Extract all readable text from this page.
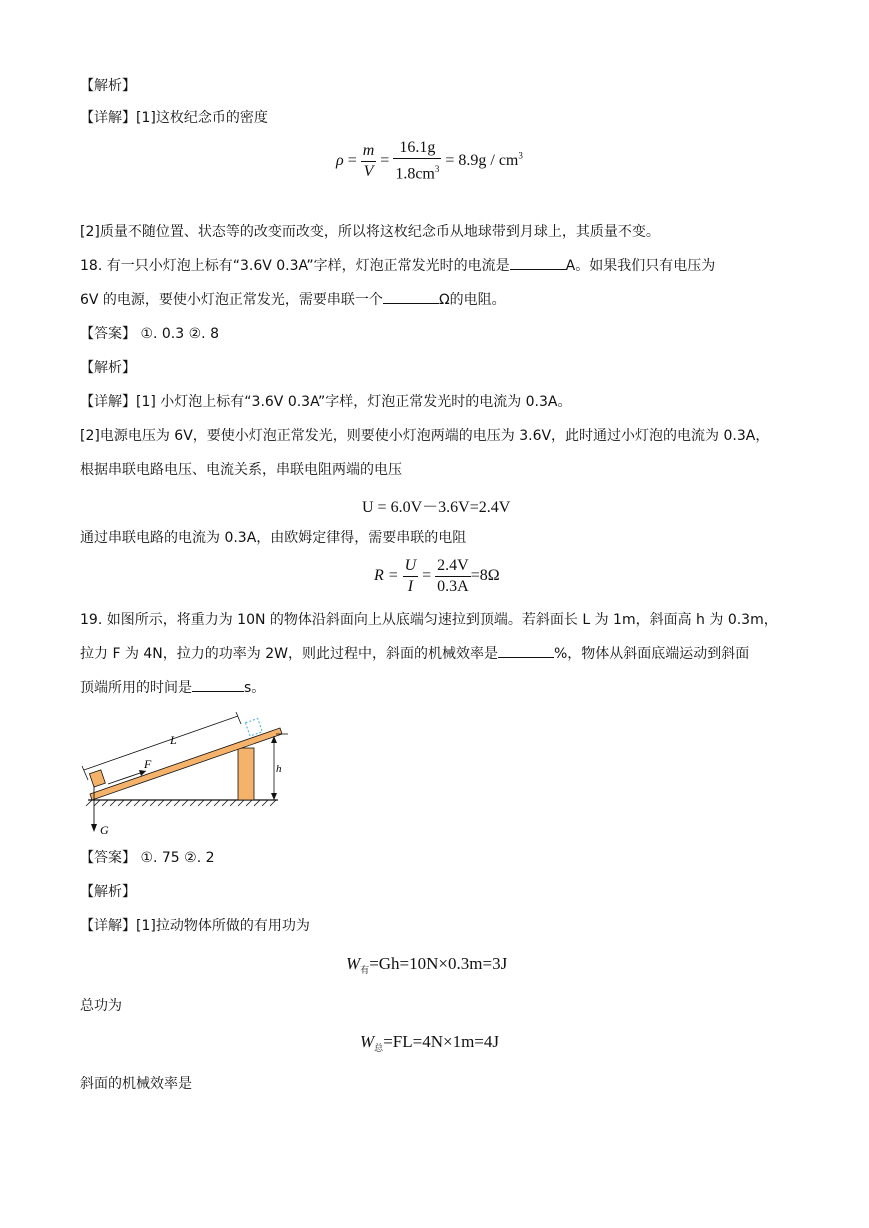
【解析】
【详解】[1]这枚纪念币的密度
$\rho = \frac{m}{V} = \frac{16.1g}{1.8cm^3} = 8.9g / cm^3$
[2]质量不随位置、状态等的改变而改变，所以将这枚纪念币从地球带到月球上，其质量不变。
18. 有一只小灯泡上标有“3.6V 0.3A”字样，灯泡正常发光时的电流是	A。如果我们只有电压为
6V 的电源，要使小灯泡正常发光，需要串联一个	Ω的电阻。
【答案】 ①. 0.3 ②. 8
【解析】
【详解】[1] 小灯泡上标有“3.6V 0.3A”字样，灯泡正常发光时的电流为 0.3A。
[2]电源电压为 6V，要使小灯泡正常发光，则要使小灯泡两端的电压为 3.6V，此时通过小灯泡的电流为 0.3A，
根据串联电路电压、电流关系，串联电阻两端的电压
U = 6.0V－3.6V=2.4V
通过串联电路的电流为 0.3A，由欧姆定律得，需要串联的电阻
$R = \frac{U}{I} = \frac{2.4V}{0.3A} =8\Omega$
19. 如图所示，将重力为 10N 的物体沿斜面向上从底端匀速拉到顶端。若斜面长 L 为 1m，斜面高 h 为 0.3m，
拉力 F 为 4N，拉力的功率为 2W，则此过程中，斜面的机械效率是	%，物体从斜面底端运动到斜面
顶端所用的时间是	s。
L
F	h
G
【答案】 ①. 75 ②. 2
【解析】
【详解】[1]拉动物体所做的有用功为
$W_有=Gh=10N\times 0.3m=3J$
总功为
$W_总=FL=4N\times 1m=4J$
斜面的机械效率是
